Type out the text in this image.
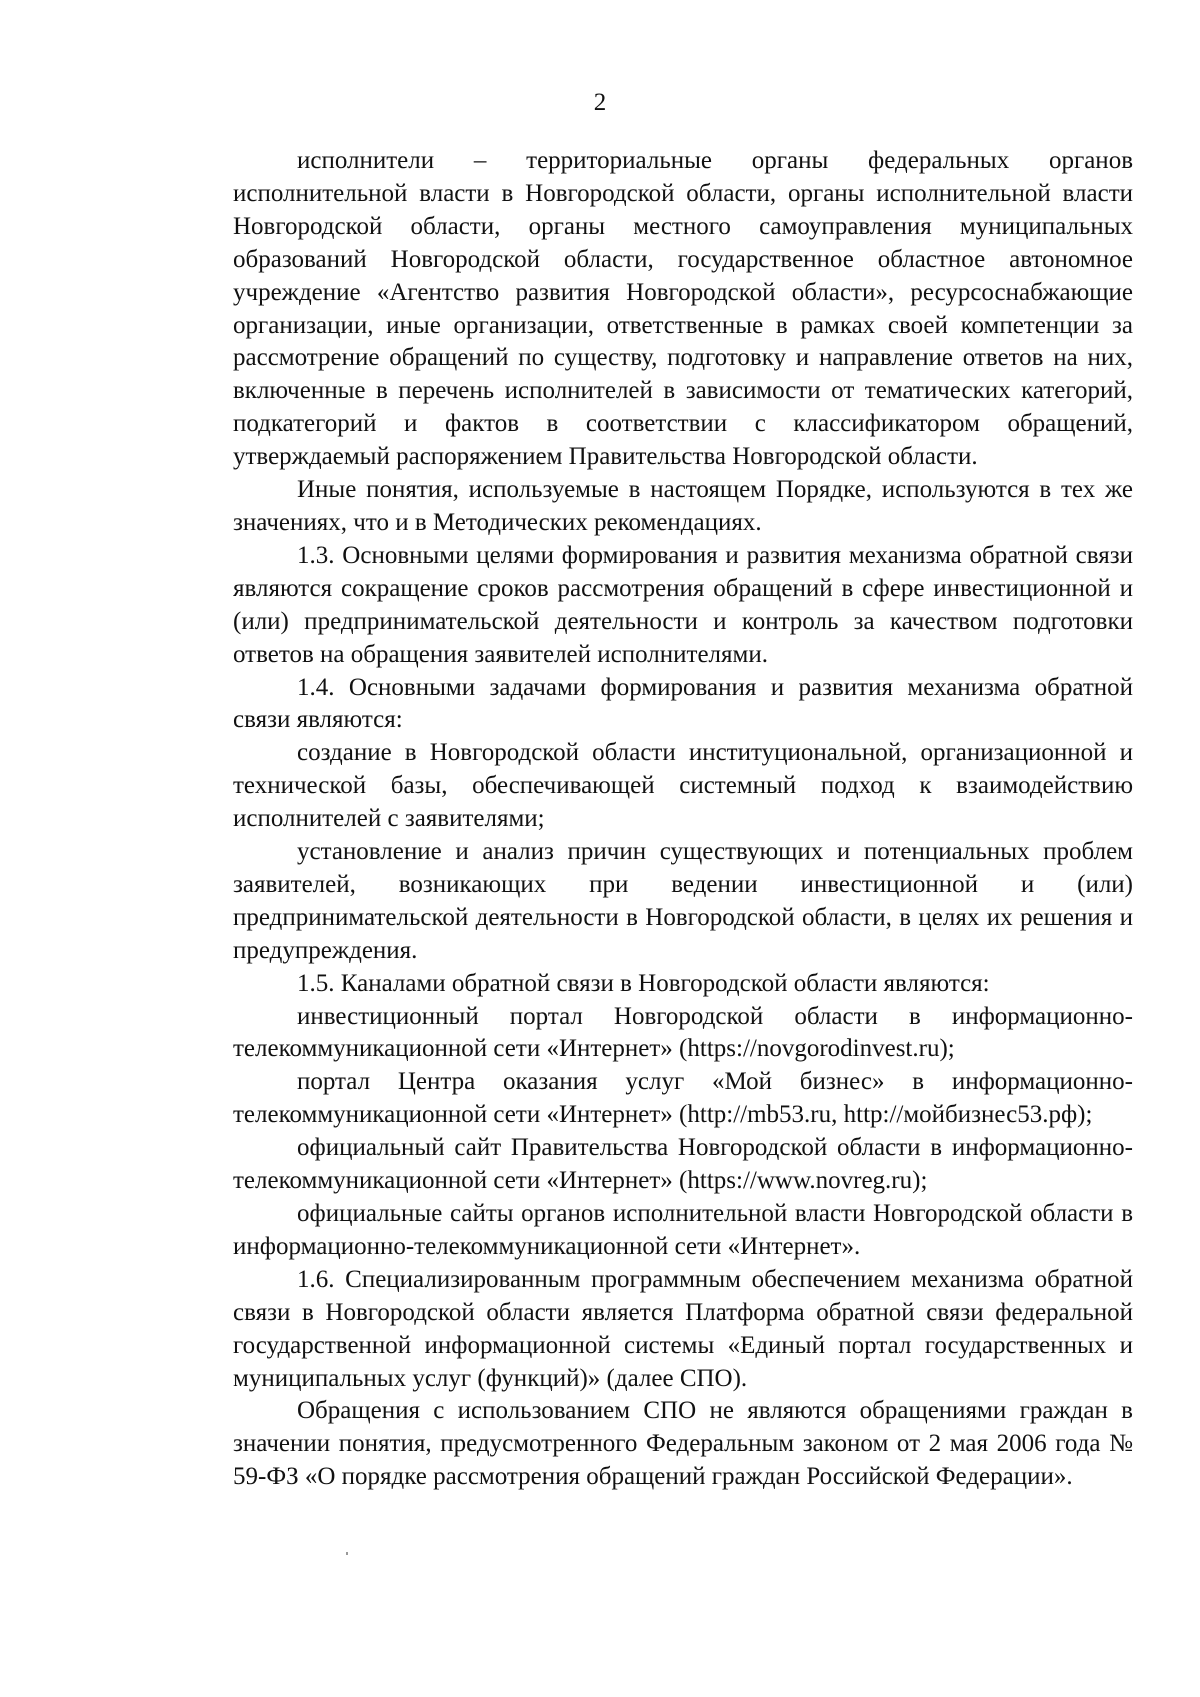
2

исполнители – территориальные органы федеральных органов исполнительной власти в Новгородской области, органы исполнительной власти Новгородской области, органы местного самоуправления муниципальных образований Новгородской области, государственное областное автономное учреждение «Агентство развития Новгородской области», ресурсоснабжающие организации, иные организации, ответственные в рамках своей компетенции за рассмотрение обращений по существу, подготовку и направление ответов на них, включенные в перечень исполнителей в зависимости от тематических категорий, подкатегорий и фактов в соответствии с классификатором обращений, утверждаемый распоряжением Правительства Новгородской области.

Иные понятия, используемые в настоящем Порядке, используются в тех же значениях, что и в Методических рекомендациях.

1.3. Основными целями формирования и развития механизма обратной связи являются сокращение сроков рассмотрения обращений в сфере инвестиционной и (или) предпринимательской деятельности и контроль за качеством подготовки ответов на обращения заявителей исполнителями.

1.4. Основными задачами формирования и развития механизма обратной связи являются:

создание в Новгородской области институциональной, организационной и технической базы, обеспечивающей системный подход к взаимодействию исполнителей с заявителями;

установление и анализ причин существующих и потенциальных проблем заявителей, возникающих при ведении инвестиционной и (или) предпринимательской деятельности в Новгородской области, в целях их решения и предупреждения.

1.5. Каналами обратной связи в Новгородской области являются:

инвестиционный портал Новгородской области в информационно-телекоммуникационной сети «Интернет» (https://novgorodinvest.ru);

портал Центра оказания услуг «Мой бизнес» в информационно-телекоммуникационной сети «Интернет» (http://mb53.ru, http://мойбизнес53.рф);

официальный сайт Правительства Новгородской области в информационно-телекоммуникационной сети «Интернет» (https://www.novreg.ru);

официальные сайты органов исполнительной власти Новгородской области в информационно-телекоммуникационной сети «Интернет».

1.6. Специализированным программным обеспечением механизма обратной связи в Новгородской области является Платформа обратной связи федеральной государственной информационной системы «Единый портал государственных и муниципальных услуг (функций)» (далее СПО).

Обращения с использованием СПО не являются обращениями граждан в значении понятия, предусмотренного Федеральным законом от 2 мая 2006 года № 59-ФЗ «О порядке рассмотрения обращений граждан Российской Федерации».
